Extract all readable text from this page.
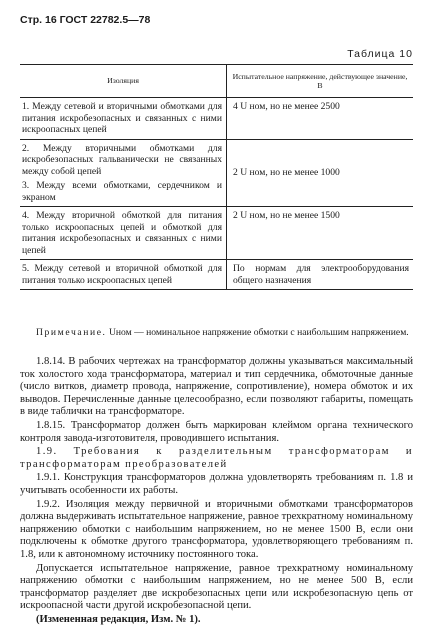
Стр. 16 ГОСТ 22782.5—78
Таблица 10
Изоляция	Испытательное напряжение, действующее значение, В
1. Между сетевой и вторичными обмотками для питания искробезопасных и связанных с ними искроопасных цепей	4 U ном, но не менее 2500
2. Между вторичными обмотками для искробезопасных гальванически не связанных между собой цепей	2 U ном, но не менее 1000
3. Между всеми обмотками, сердечником и экраном	
4. Между вторичной обмоткой для питания только искроопасных цепей и обмоткой для питания искробезопасных и связанных с ними цепей	2 U ном, но не менее 1500
5. Между сетевой и вторичной обмоткой для питания только искроопасных цепей	По нормам для электрооборудования общего назначения
Примечание. Uном — номинальное напряжение обмотки с наибольшим напряжением.

1.8.14. В рабочих чертежах на трансформатор должны указываться максимальный ток холостого хода трансформатора, материал и тип сердечника, обмоточные данные (число витков, диаметр провода, напряжение, сопротивление), номера обмоток и их выводов. Перечисленные данные целесообразно, если позволяют габариты, помещать в виде таблички на трансформаторе.

1.8.15. Трансформатор должен быть маркирован клеймом органа технического контроля завода-изготовителя, проводившего испытания.

1.9. Требования к разделительным трансформаторам и трансформаторам преобразователей

1.9.1. Конструкция трансформаторов должна удовлетворять требованиям п. 1.8 и учитывать особенности их работы.

1.9.2. Изоляция между первичной и вторичными обмотками трансформаторов должна выдерживать испытательное напряжение, равное трехкратному номинальному напряжению обмотки с наибольшим напряжением, но не менее 1500 В, если они подключены к обмотке другого трансформатора, удовлетворяющего требованиям п. 1.8, или к автономному источнику постоянного тока.

Допускается испытательное напряжение, равное трехкратному номинальному напряжению обмотки с наибольшим напряжением, но не менее 500 В, если трансформатор разделяет две искробезопасных цепи или искробезопасную цепь от искроопасной части другой искробезопасной цепи.

(Измененная редакция, Изм. № 1).
